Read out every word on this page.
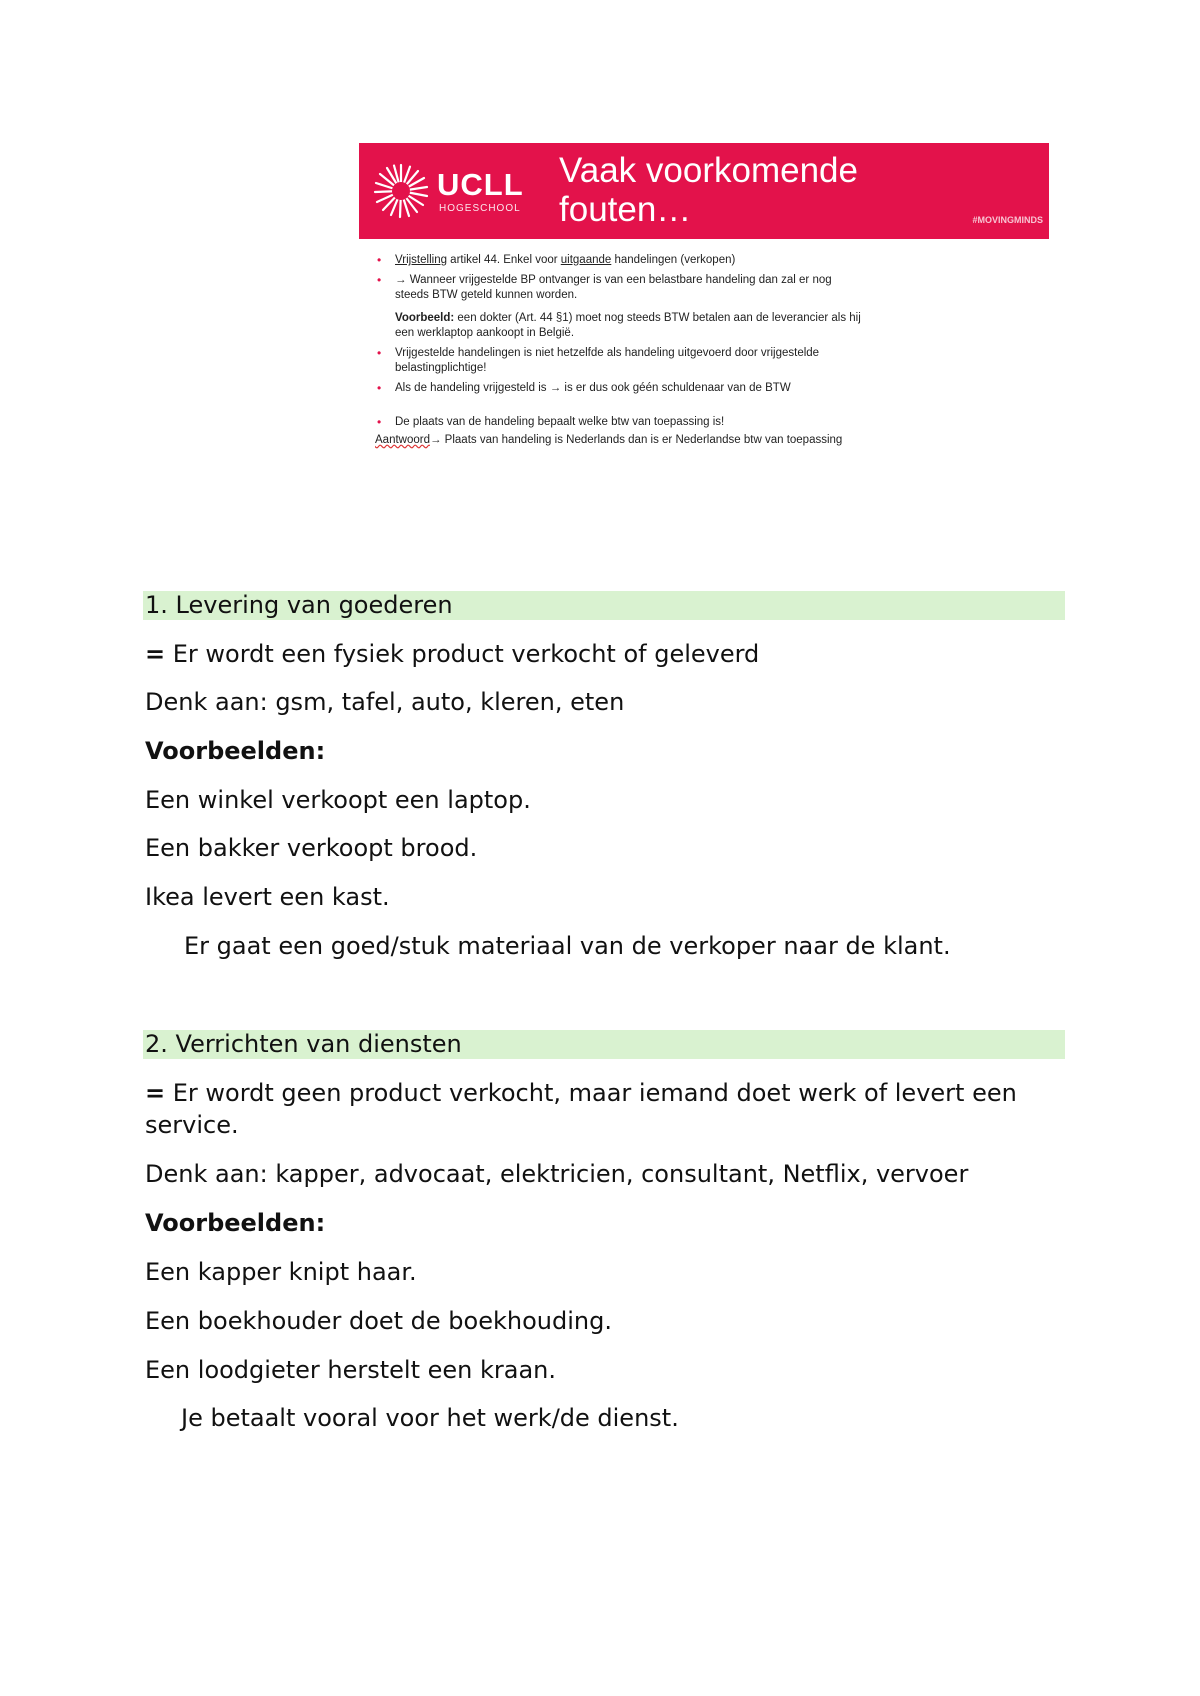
UCLL
HOGESCHOOL
Vaak voorkomende
fouten…	#MOVINGMINDS
• Vrijstelling artikel 44. Enkel voor uitgaande handelingen (verkopen)
• → Wanneer vrijgestelde BP ontvanger is van een belastbare handeling dan zal er nog
steeds BTW geteld kunnen worden.
Voorbeeld: een dokter (Art. 44 §1) moet nog steeds BTW betalen aan de leverancier als hij
een werklaptop aankoopt in België.
• Vrijgestelde handelingen is niet hetzelfde als handeling uitgevoerd door vrijgestelde
belastingplichtige!
• Als de handeling vrijgesteld is → is er dus ook géén schuldenaar van de BTW
• De plaats van de handeling bepaalt welke btw van toepassing is!
Aantwoord→ Plaats van handeling is Nederlands dan is er Nederlandse btw van toepassing
1. Levering van goederen
= Er wordt een fysiek product verkocht of geleverd
Denk aan: gsm, tafel, auto, kleren, eten
Voorbeelden:
Een winkel verkoopt een laptop.
Een bakker verkoopt brood.
Ikea levert een kast.
Er gaat een goed/stuk materiaal van de verkoper naar de klant.
2. Verrichten van diensten
= Er wordt geen product verkocht, maar iemand doet werk of levert een
service.
Denk aan: kapper, advocaat, elektricien, consultant, Netflix, vervoer
Voorbeelden:
Een kapper knipt haar.
Een boekhouder doet de boekhouding.
Een loodgieter herstelt een kraan.
Je betaalt vooral voor het werk/de dienst.
